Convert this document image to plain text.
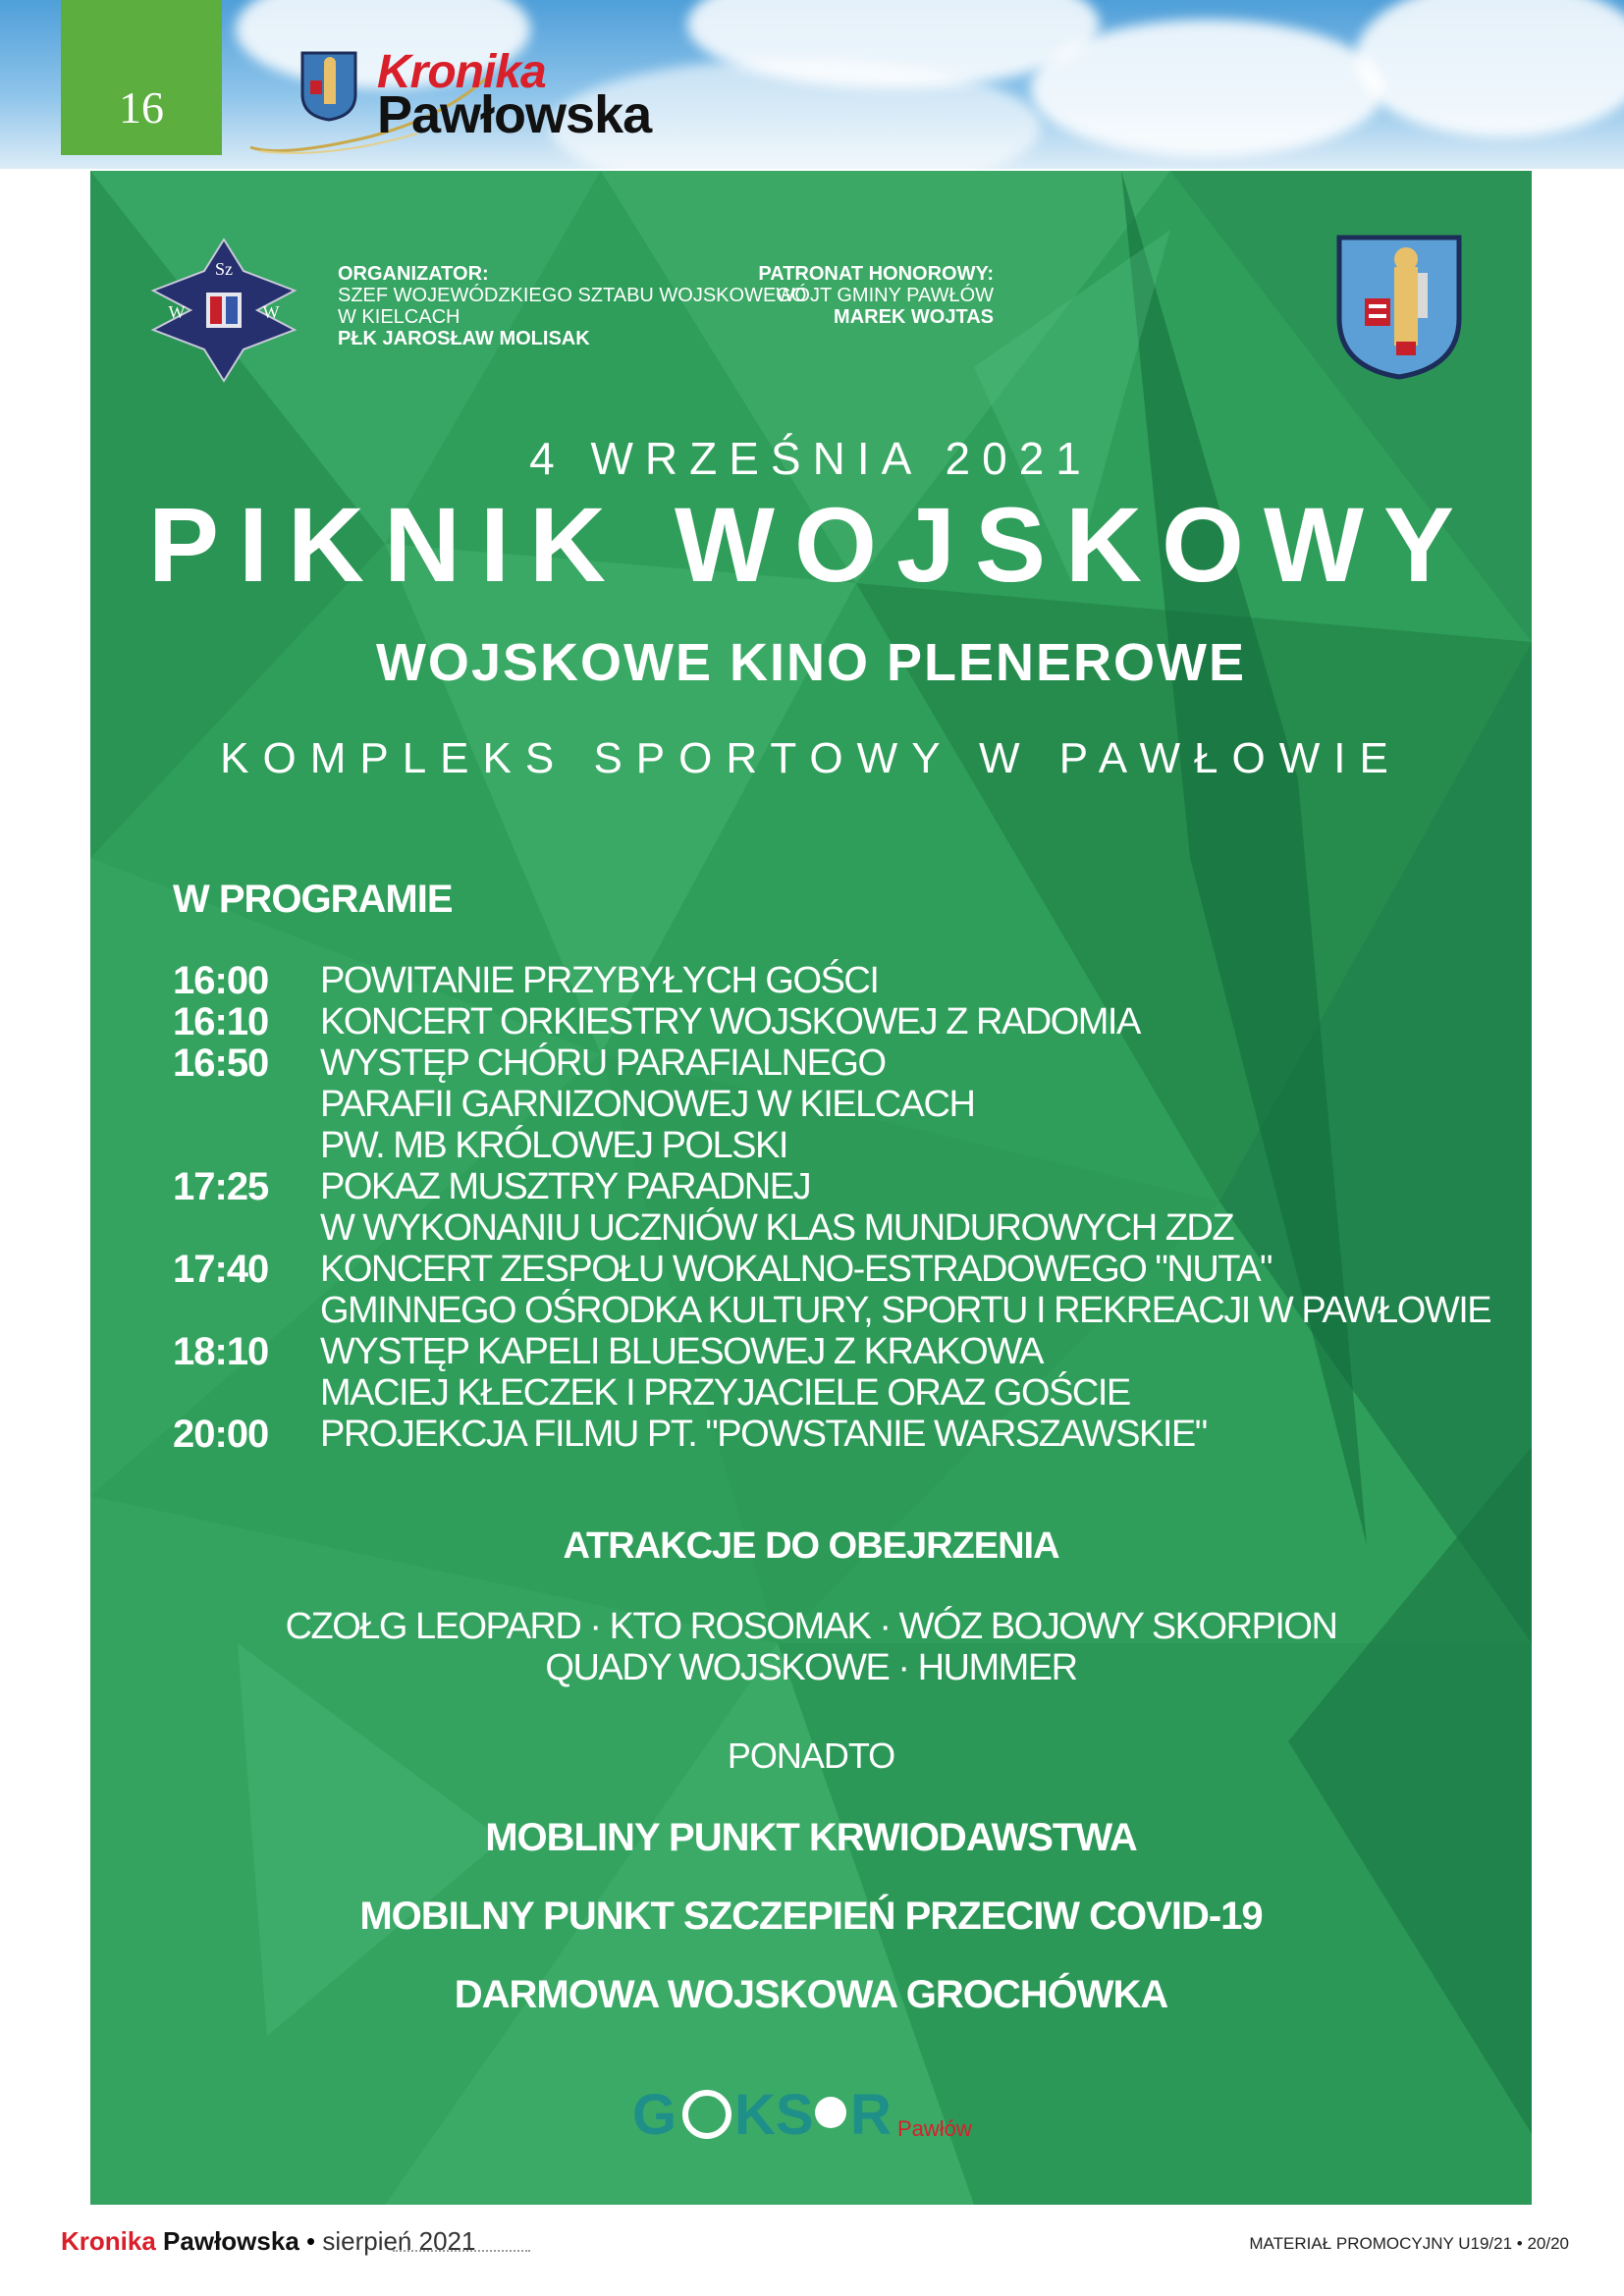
16
Kronika
Pawłowska
Sz
W	W
ORGANIZATOR:
SZEF WOJEWÓDZKIEGO SZTABU WOJSKOWEGO
W KIELCACH
PŁK JAROSŁAW MOLISAK
PATRONAT HONOROWY:
WÓJT GMINY PAWŁÓW
MAREK WOJTAS
4 WRZEŚNIA 2021
PIKNIK WOJSKOWY
WOJSKOWE KINO PLENEROWE
KOMPLEKS SPORTOWY W PAWŁOWIE
W PROGRAMIE
16:00	POWITANIE PRZYBYŁYCH GOŚCI
16:10	KONCERT ORKIESTRY WOJSKOWEJ Z RADOMIA
16:50	WYSTĘP CHÓRU PARAFIALNEGO
PARAFII GARNIZONOWEJ W KIELCACH
PW. MB KRÓLOWEJ POLSKI
17:25	POKAZ MUSZTRY PARADNEJ
W WYKONANIU UCZNIÓW KLAS MUNDUROWYCH ZDZ
17:40	KONCERT ZESPOŁU WOKALNO-ESTRADOWEGO "NUTA"
GMINNEGO OŚRODKA KULTURY, SPORTU I REKREACJI W PAWŁOWIE
18:10	WYSTĘP KAPELI BLUESOWEJ Z KRAKOWA
MACIEJ KŁECZEK I PRZYJACIELE ORAZ GOŚCIE
20:00	PROJEKCJA FILMU PT. "POWSTANIE WARSZAWSKIE"
ATRAKCJE DO OBEJRZENIA
CZOŁG LEOPARD · KTO ROSOMAK · WÓZ BOJOWY SKORPION
QUADY WOJSKOWE · HUMMER
PONADTO
MOBLINY PUNKT KRWIODAWSTWA
MOBILNY PUNKT SZCZEPIEŃ PRZECIW COVID-19
DARMOWA WOJSKOWA GROCHÓWKA
G KS R Pawłów
Kronika Pawłowska • sierpień 2021	MATERIAŁ PROMOCYJNY U19/21 • 20/20
